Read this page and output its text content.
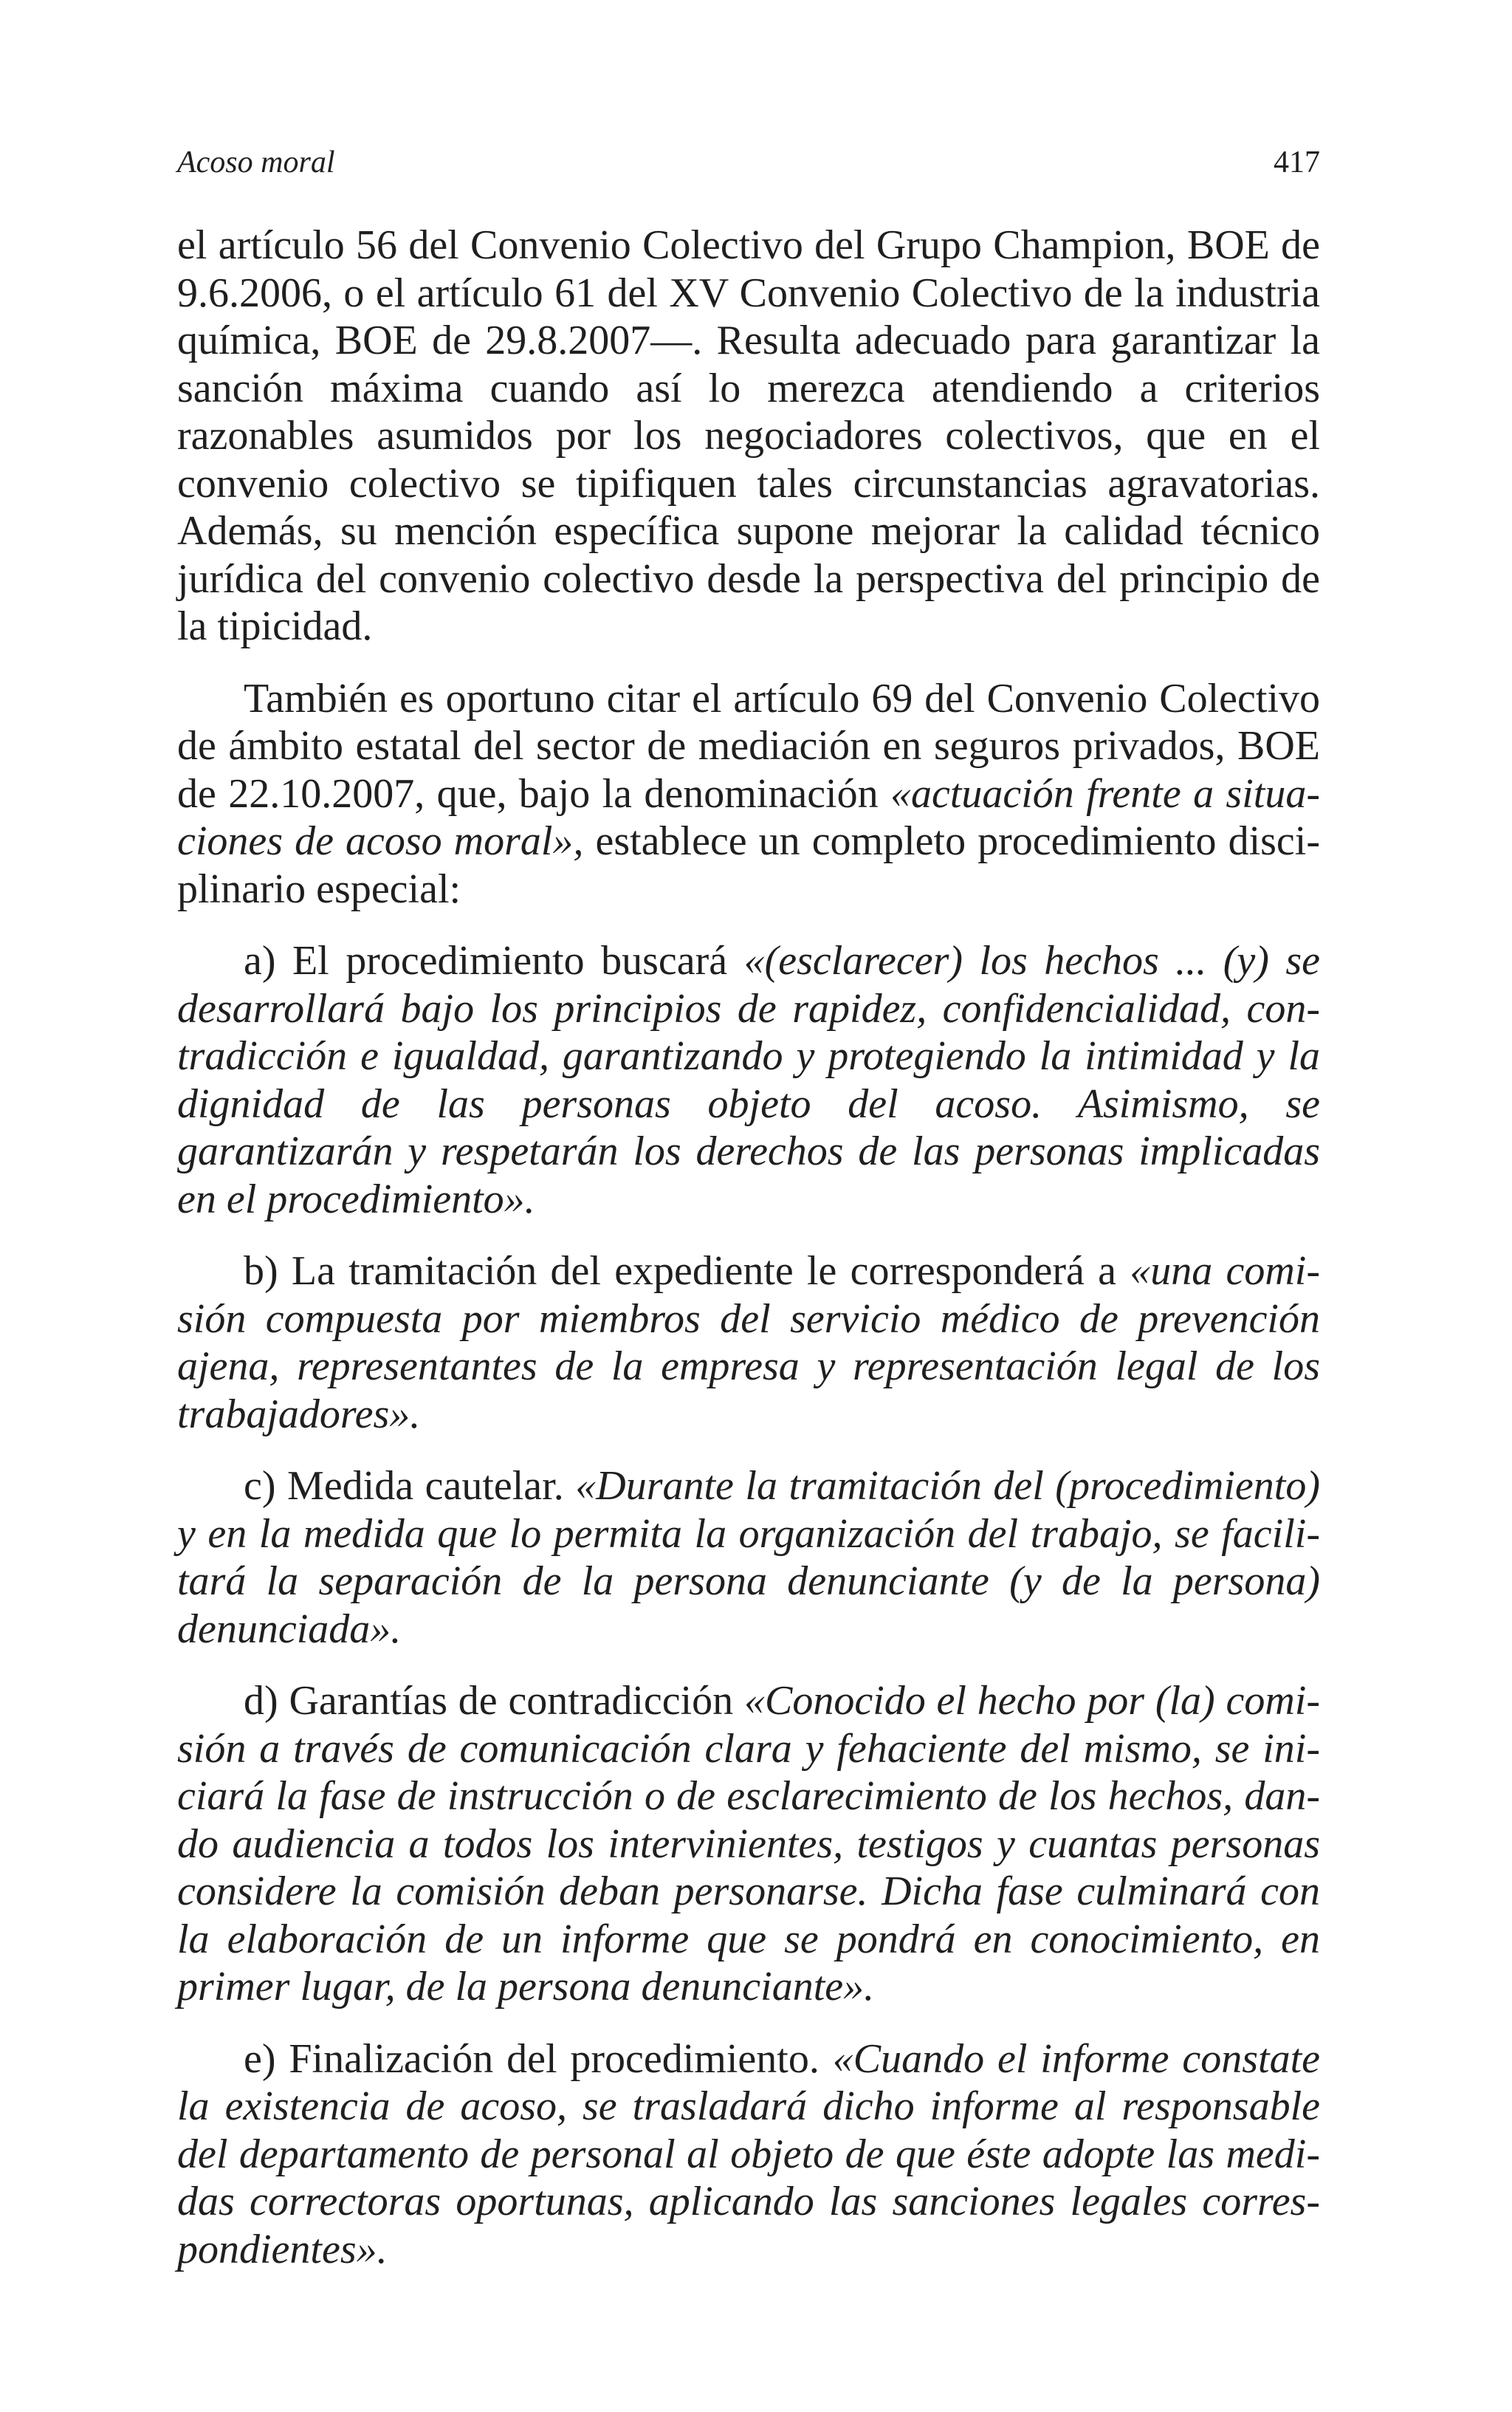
Acoso moral	417

el artículo 56 del Convenio Colectivo del Grupo Champion, BOE de 9.6.2006, o el artículo 61 del XV Convenio Colectivo de la industria química, BOE de 29.8.2007—. Resulta adecuado para garantizar la sanción máxima cuando así lo merezca atendiendo a criterios razonables asumidos por los negociadores colectivos, que en el convenio colectivo se tipifiquen tales circunstancias agravatorias. Además, su mención específica supone mejorar la calidad técnico jurídica del convenio colectivo desde la perspectiva del principio de la tipicidad.

También es oportuno citar el artículo 69 del Convenio Colectivo de ámbito estatal del sector de mediación en seguros privados, BOE de 22.10.2007, que, bajo la denominación «actuación frente a situaciones de acoso moral», establece un completo procedimiento disciplinario especial:

a) El procedimiento buscará «(esclarecer) los hechos ... (y) se desarrollará bajo los principios de rapidez, confidencialidad, contradicción e igualdad, garantizando y protegiendo la intimidad y la dignidad de las personas objeto del acoso. Asimismo, se garantizarán y respetarán los derechos de las personas implicadas en el procedimiento».

b) La tramitación del expediente le corresponderá a «una comisión compuesta por miembros del servicio médico de prevención ajena, representantes de la empresa y representación legal de los trabajadores».

c) Medida cautelar. «Durante la tramitación del (procedimiento) y en la medida que lo permita la organización del trabajo, se facilitará la separación de la persona denunciante (y de la persona) denunciada».

d) Garantías de contradicción «Conocido el hecho por (la) comisión a través de comunicación clara y fehaciente del mismo, se iniciará la fase de instrucción o de esclarecimiento de los hechos, dando audiencia a todos los intervinientes, testigos y cuantas personas considere la comisión deban personarse. Dicha fase culminará con la elaboración de un informe que se pondrá en conocimiento, en primer lugar, de la persona denunciante».

e) Finalización del procedimiento. «Cuando el informe constate la existencia de acoso, se trasladará dicho informe al responsable del departamento de personal al objeto de que éste adopte las medidas correctoras oportunas, aplicando las sanciones legales correspondientes».
